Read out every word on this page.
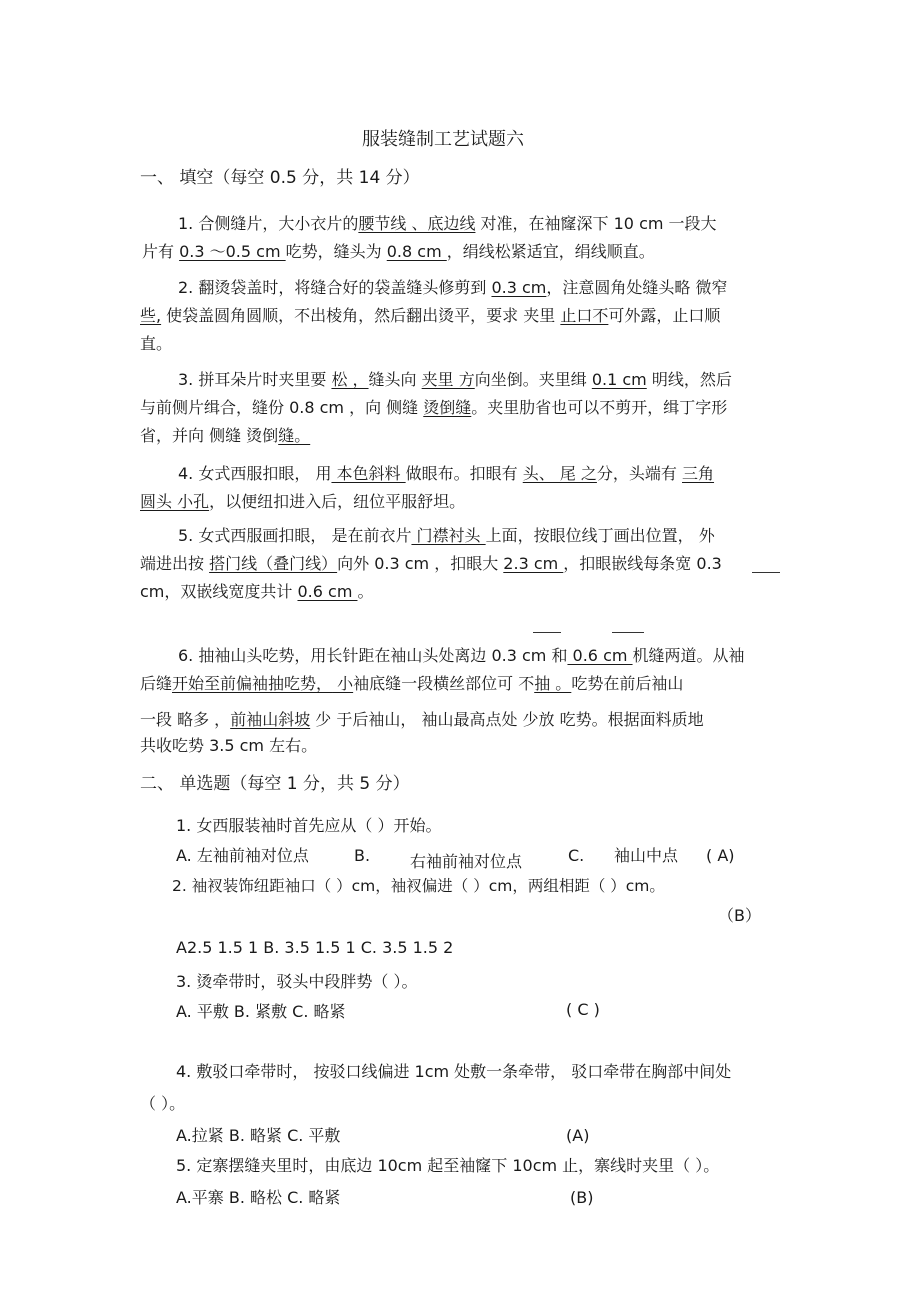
服装缝制工艺试题六
一、 填空（每空 0.5 分，共 14 分）
1. 合侧缝片，大小衣片的腰节线 、底边线 对准，在袖窿深下 10 cm 一段大
片有 0.3 ～0.5 cm 吃势，缝头为 0.8 cm ，绢线松紧适宜，绢线顺直。
2. 翻烫袋盖时，将缝合好的袋盖缝头修剪到 0.3 cm，注意圆角处缝头略 微窄
些, 使袋盖圆角圆顺，不出棱角，然后翻出烫平，要求 夹里 止口不可外露，止口顺
直。
3. 拼耳朵片时夹里要 松 ，缝头向 夹里 方向坐倒。夹里缉 0.1 cm 明线，然后
与前侧片缉合，缝份 0.8 cm ，向 侧缝 烫倒缝。夹里肋省也可以不剪开，缉丁字形
省，并向 侧缝 烫倒缝。
4. 女式西服扣眼， 用 本色斜料 做眼布。扣眼有 头、 尾 之分，头端有 三角
圆头 小孔，以便纽扣进入后，纽位平服舒坦。
5. 女式西服画扣眼， 是在前衣片 门襟衬头 上面，按眼位线丁画出位置， 外
端进出按 搭门线（叠门线）向外 0.3 cm ，扣眼大 2.3 cm ，扣眼嵌线每条宽 0.3
cm，双嵌线宽度共计 0.6 cm 。
6. 抽袖山头吃势，用长针距在袖山头处离边 0.3 cm 和 0.6 cm 机缝两道。从袖
后缝开始至前偏袖抽吃势， 小袖底缝一段横丝部位可 不抽 。吃势在前后袖山
一段 略多 ，前袖山斜坡 少 于后袖山， 袖山最高点处 少放 吃势。根据面料质地
共收吃势 3.5 cm 左右。
二、 单选题（每空 1 分，共 5 分）
1. 女西服装袖时首先应从（ ）开始。
A. 左袖前袖对位点	B. 右袖前袖对位点	C. 袖山中点 ( A)
2. 袖衩装饰纽距袖口（ ）cm，袖衩偏进（ ）cm，两组相距（ ）cm。
（B）
A2.5 1.5 1 B. 3.5 1.5 1 C. 3.5 1.5 2
3. 烫牵带时，驳头中段胖势（ ）。
A. 平敷 B. 紧敷 C. 略紧	( C )
4. 敷驳口牵带时， 按驳口线偏进 1cm 处敷一条牵带， 驳口牵带在胸部中间处
（ ）。
A.拉紧 B. 略紧 C. 平敷	(A)
5. 定寨摆缝夹里时，由底边 10cm 起至袖窿下 10cm 止，寨线时夹里（ ）。
A.平寨 B. 略松 C. 略紧	(B)
